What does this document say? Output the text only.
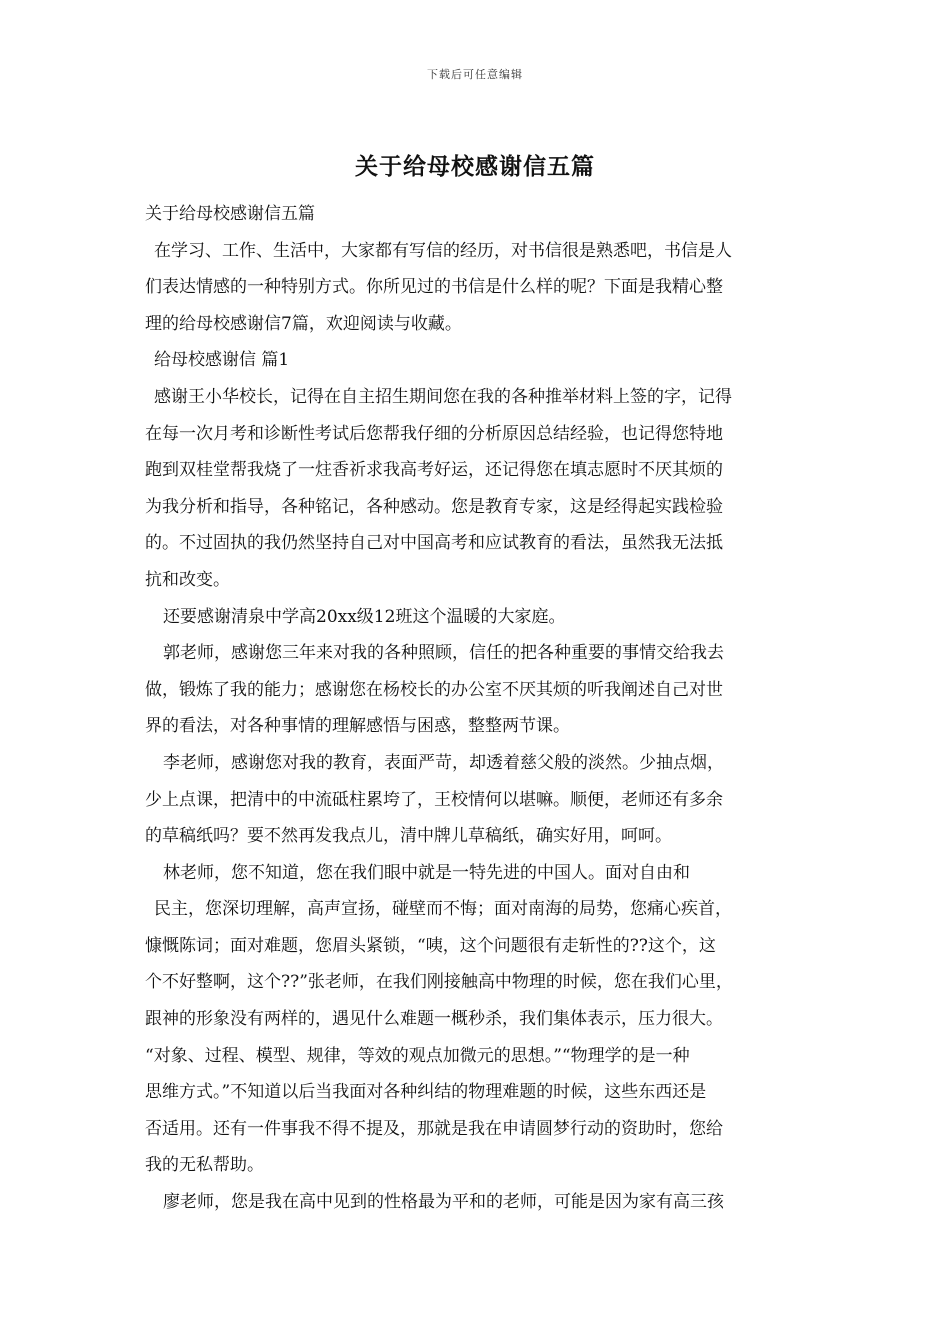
下载后可任意编辑
关于给母校感谢信五篇
关于给母校感谢信五篇
在学习、工作、生活中，大家都有写信的经历，对书信很是熟悉吧，书信是人
们表达情感的一种特别方式。你所见过的书信是什么样的呢？下面是我精心整
理的给母校感谢信7篇，欢迎阅读与收藏。
给母校感谢信 篇1
感谢王小华校长，记得在自主招生期间您在我的各种推举材料上签的字，记得
在每一次月考和诊断性考试后您帮我仔细的分析原因总结经验，也记得您特地
跑到双桂堂帮我烧了一炷香祈求我高考好运，还记得您在填志愿时不厌其烦的
为我分析和指导，各种铭记，各种感动。您是教育专家，这是经得起实践检验
的。不过固执的我仍然坚持自己对中国高考和应试教育的看法，虽然我无法抵
抗和改变。
还要感谢清泉中学高20xx级12班这个温暖的大家庭。
郭老师，感谢您三年来对我的各种照顾，信任的把各种重要的事情交给我去
做，锻炼了我的能力；感谢您在杨校长的办公室不厌其烦的听我阐述自己对世
界的看法，对各种事情的理解感悟与困惑，整整两节课。
李老师，感谢您对我的教育，表面严苛，却透着慈父般的淡然。少抽点烟，
少上点课，把清中的中流砥柱累垮了，王校情何以堪嘛。顺便，老师还有多余
的草稿纸吗？要不然再发我点儿，清中牌儿草稿纸，确实好用，呵呵。
林老师，您不知道，您在我们眼中就是一特先进的中国人。面对自由和
民主，您深切理解，高声宣扬，碰壁而不悔；面对南海的局势，您痛心疾首，
慷慨陈词；面对难题，您眉头紧锁，“咦，这个问题很有走斩性的??这个，这
个不好整啊，这个??”张老师，在我们刚接触高中物理的时候，您在我们心里，
跟神的形象没有两样的，遇见什么难题一概秒杀，我们集体表示，压力很大。
“对象、过程、模型、规律，等效的观点加微元的思想。”“物理学的是一种
思维方式。”不知道以后当我面对各种纠结的物理难题的时候，这些东西还是
否适用。还有一件事我不得不提及，那就是我在申请圆梦行动的资助时，您给
我的无私帮助。
廖老师，您是我在高中见到的性格最为平和的老师，可能是因为家有高三孩
